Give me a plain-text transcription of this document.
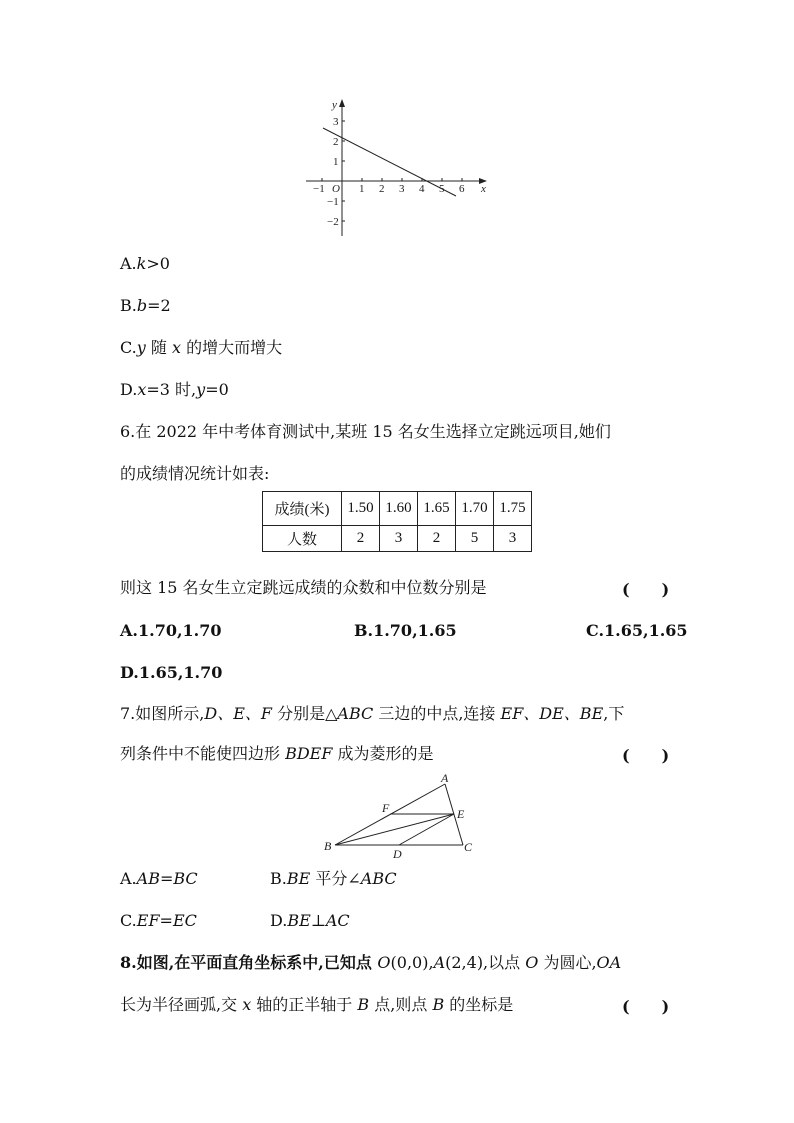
−1 O 1 2 3 4 5 6 x
y
3
2
1
−1
−2
A.k>0
B.b=2
C.y 随 x 的增大而增大
D.x=3 时,y=0
6.在 2022 年中考体育测试中,某班 15 名女生选择立定跳远项目,她们
的成绩情况统计如表:
成绩(米)	1.50	1.60	1.65	1.70	1.75
人数	2	3	2	5	3
则这 15 名女生立定跳远成绩的众数和中位数分别是	(　　)
A.1.70,1.70	B.1.70,1.65	C.1.65,1.65
D.1.65,1.70
7.如图所示,D、E、F 分别是△ABC 三边的中点,连接 EF、DE、BE,下
列条件中不能使四边形 BDEF 成为菱形的是	(　　)
A
F	E
B
D	C
A.AB=BC	B.BE 平分∠ABC
C.EF=EC	D.BE⊥AC
8.如图,在平面直角坐标系中,已知点 O(0,0),A(2,4),以点 O 为圆心,OA
长为半径画弧,交 x 轴的正半轴于 B 点,则点 B 的坐标是	(　　)
